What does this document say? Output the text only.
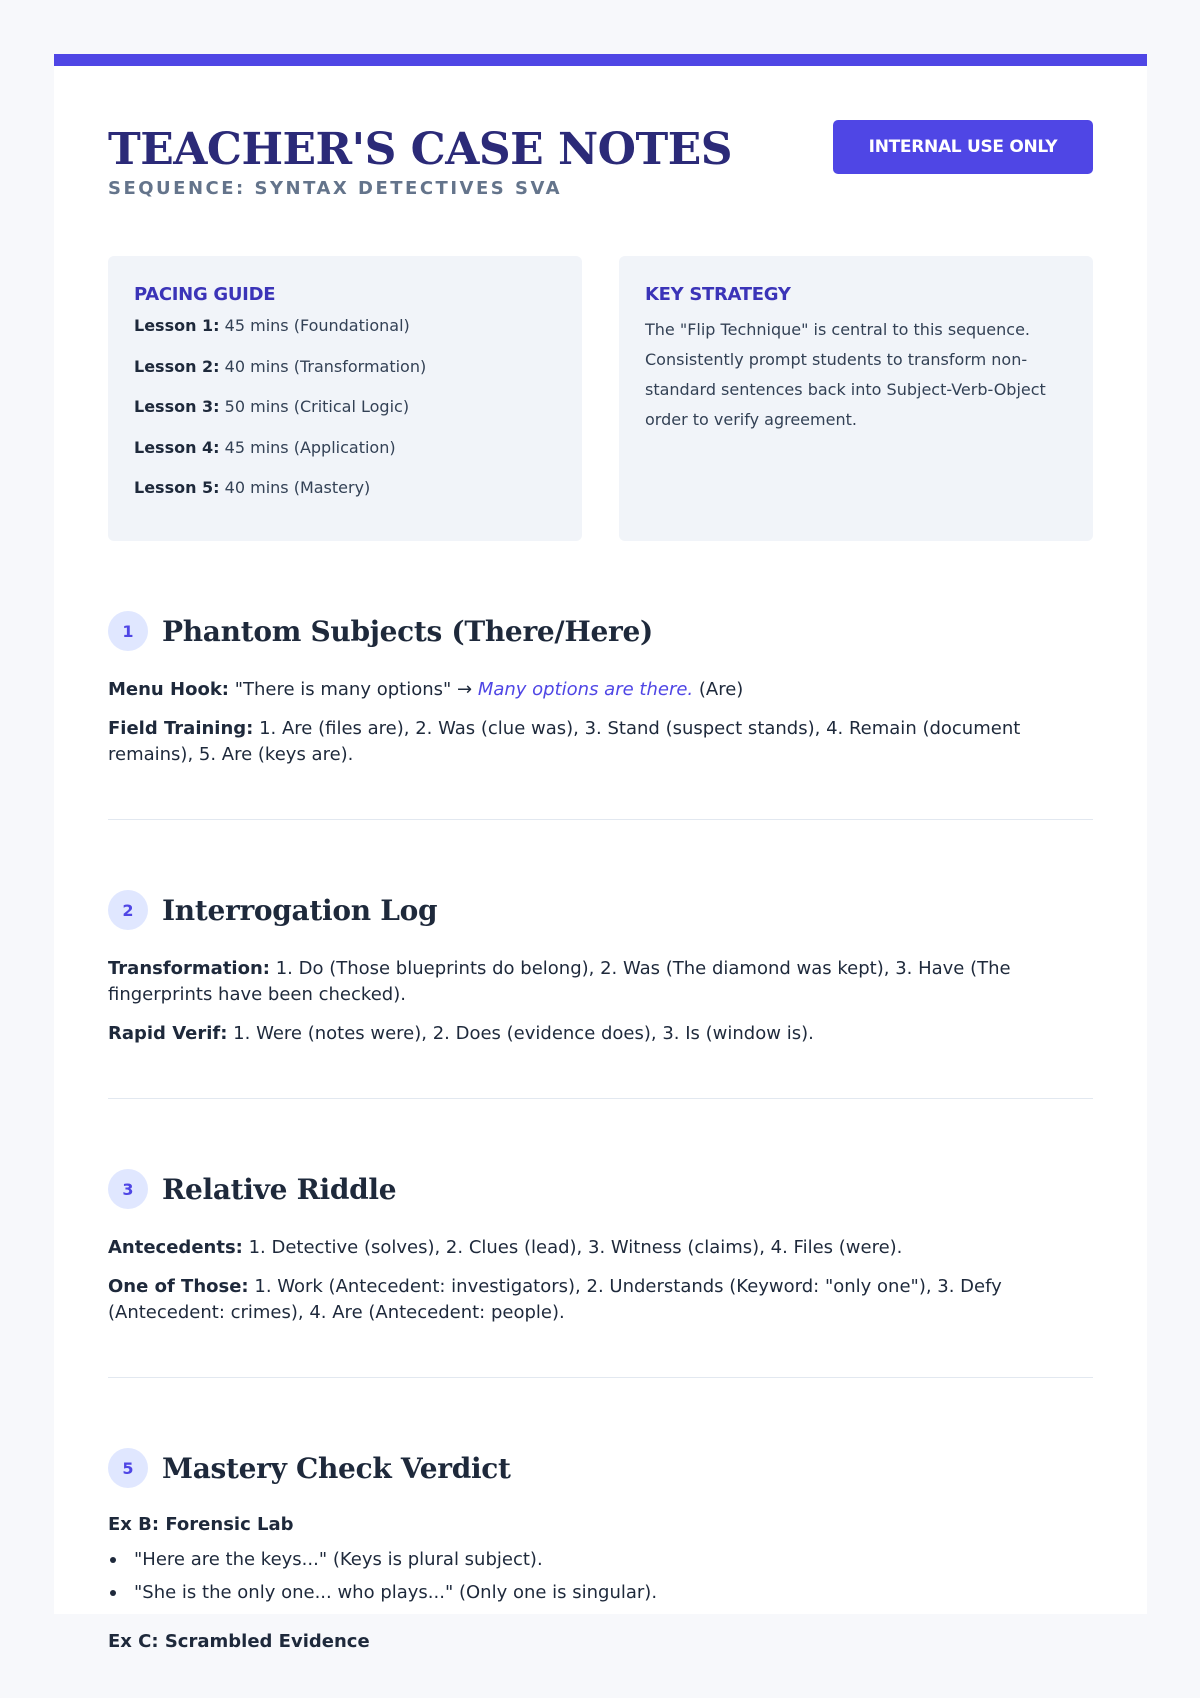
TEACHER'S CASE NOTES
SEQUENCE: SYNTAX DETECTIVES SVA
INTERNAL USE ONLY
PACING GUIDE
Lesson 1: 45 mins (Foundational)
Lesson 2: 40 mins (Transformation)
Lesson 3: 50 mins (Critical Logic)
Lesson 4: 45 mins (Application)
Lesson 5: 40 mins (Mastery)
KEY STRATEGY
The "Flip Technique" is central to this sequence. Consistently prompt students to transform non-standard sentences back into Subject-Verb-Object order to verify agreement.
1	Phantom Subjects (There/Here)
Menu Hook: "There is many options" → Many options are there. (Are)
Field Training: 1. Are (files are), 2. Was (clue was), 3. Stand (suspect stands), 4. Remain (document remains), 5. Are (keys are).
2	Interrogation Log
Transformation: 1. Do (Those blueprints do belong), 2. Was (The diamond was kept), 3. Have (The fingerprints have been checked).
Rapid Verif: 1. Were (notes were), 2. Does (evidence does), 3. Is (window is).
3	Relative Riddle
Antecedents: 1. Detective (solves), 2. Clues (lead), 3. Witness (claims), 4. Files (were).
One of Those: 1. Work (Antecedent: investigators), 2. Understands (Keyword: "only one"), 3. Defy (Antecedent: crimes), 4. Are (Antecedent: people).
5	Mastery Check Verdict
Ex B: Forensic Lab
"Here are the keys..." (Keys is plural subject).
"She is the only one... who plays..." (Only one is singular).
Ex C: Scrambled Evidence
